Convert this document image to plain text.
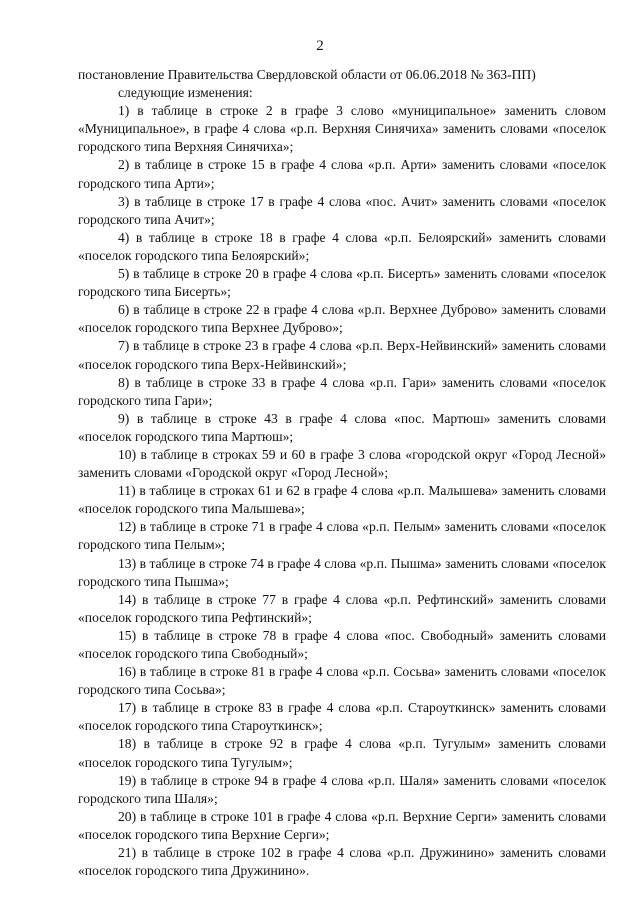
2

постановление Правительства Свердловской области от 06.06.2018 № 363-ПП)

следующие изменения:

1) в таблице в строке 2 в графе 3 слово «муниципальное» заменить словом «Муниципальное», в графе 4 слова «р.п. Верхняя Синячиха» заменить словами «поселок городского типа Верхняя Синячиха»;

2) в таблице в строке 15 в графе 4 слова «р.п. Арти» заменить словами «поселок городского типа Арти»;

3) в таблице в строке 17 в графе 4 слова «пос. Ачит» заменить словами «поселок городского типа Ачит»;

4) в таблице в строке 18 в графе 4 слова «р.п. Белоярский» заменить словами «поселок городского типа Белоярский»;

5) в таблице в строке 20 в графе 4 слова «р.п. Бисерть» заменить словами «поселок городского типа Бисерть»;

6) в таблице в строке 22 в графе 4 слова «р.п. Верхнее Дуброво» заменить словами «поселок городского типа Верхнее Дуброво»;

7) в таблице в строке 23 в графе 4 слова «р.п. Верх-Нейвинский» заменить словами «поселок городского типа Верх-Нейвинский»;

8) в таблице в строке 33 в графе 4 слова «р.п. Гари» заменить словами «поселок городского типа Гари»;

9) в таблице в строке 43 в графе 4 слова «пос. Мартюш» заменить словами «поселок городского типа Мартюш»;

10) в таблице в строках 59 и 60 в графе 3 слова «городской округ «Город Лесной» заменить словами «Городской округ «Город Лесной»;

11) в таблице в строках 61 и 62 в графе 4 слова «р.п. Малышева» заменить словами «поселок городского типа Малышева»;

12) в таблице в строке 71 в графе 4 слова «р.п. Пелым» заменить словами «поселок городского типа Пелым»;

13) в таблице в строке 74 в графе 4 слова «р.п. Пышма» заменить словами «поселок городского типа Пышма»;

14) в таблице в строке 77 в графе 4 слова «р.п. Рефтинский» заменить словами «поселок городского типа Рефтинский»;

15) в таблице в строке 78 в графе 4 слова «пос. Свободный» заменить словами «поселок городского типа Свободный»;

16) в таблице в строке 81 в графе 4 слова «р.п. Сосьва» заменить словами «поселок городского типа Сосьва»;

17) в таблице в строке 83 в графе 4 слова «р.п. Староуткинск» заменить словами «поселок городского типа Староуткинск»;

18) в таблице в строке 92 в графе 4 слова «р.п. Тугулым» заменить словами «поселок городского типа Тугулым»;

19) в таблице в строке 94 в графе 4 слова «р.п. Шаля» заменить словами «поселок городского типа Шаля»;

20) в таблице в строке 101 в графе 4 слова «р.п. Верхние Серги» заменить словами «поселок городского типа Верхние Серги»;

21) в таблице в строке 102 в графе 4 слова «р.п. Дружинино» заменить словами «поселок городского типа Дружинино».
